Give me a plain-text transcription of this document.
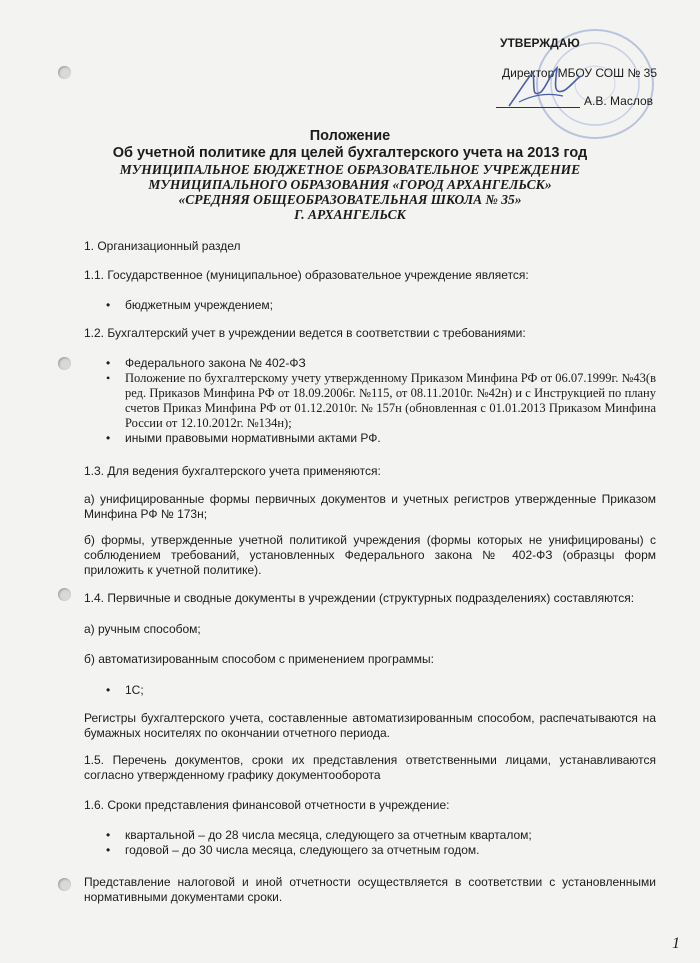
УТВЕРЖДАЮ
Директор МБОУ СОШ № 35
А.В. Маслов
Положение
Об учетной политике для целей бухгалтерского учета на 2013 год
МУНИЦИПАЛЬНОЕ БЮДЖЕТНОЕ ОБРАЗОВАТЕЛЬНОЕ УЧРЕЖДЕНИЕ
МУНИЦИПАЛЬНОГО ОБРАЗОВАНИЯ «ГОРОД АРХАНГЕЛЬСК»
«СРЕДНЯЯ ОБЩЕОБРАЗОВАТЕЛЬНАЯ ШКОЛА № 35»
Г. АРХАНГЕЛЬСК

1. Организационный раздел

1.1. Государственное (муниципальное) образовательное учреждение является:

• бюджетным учреждением;

1.2. Бухгалтерский учет в учреждении ведется в соответствии с требованиями:

• Федерального закона № 402-ФЗ
• Положение по бухгалтерскому учету утвержденному Приказом Минфина РФ от 06.07.1999г. №43(в ред. Приказов Минфина РФ от 18.09.2006г. №115, от 08.11.2010г. №42н) и с Инструкцией по плану счетов Приказ Минфина РФ от 01.12.2010г. № 157н (обновленная с 01.01.2013 Приказом Минфина России от 12.10.2012г. №134н);
• иными правовыми нормативными актами РФ.

1.3. Для ведения бухгалтерского учета применяются:

а) унифицированные формы первичных документов и учетных регистров утвержденные Приказом Минфина РФ № 173н;

б) формы, утвержденные учетной политикой учреждения (формы которых не унифицированы) с соблюдением требований, установленных Федерального закона № 402-ФЗ (образцы форм приложить к учетной политике).

1.4. Первичные и сводные документы в учреждении (структурных подразделениях) составляются:

а) ручным способом;

б) автоматизированным способом с применением программы:

• 1С;

Регистры бухгалтерского учета, составленные автоматизированным способом, распечатываются на бумажных носителях по окончании отчетного периода.

1.5. Перечень документов, сроки их представления ответственными лицами, устанавливаются согласно утвержденному графику документооборота

1.6. Сроки представления финансовой отчетности в учреждение:

• квартальной – до 28 числа месяца, следующего за отчетным кварталом;
• годовой – до 30 числа месяца, следующего за отчетным годом.

Представление налоговой и иной отчетности осуществляется в соответствии с установленными нормативными документами сроки.

1
